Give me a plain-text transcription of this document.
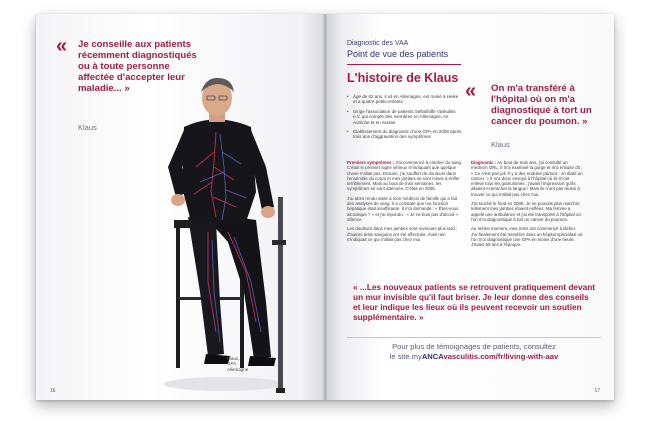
« Je conseille aux patients récemment diagnostiqués ou à toute personne affectée d'accepter leur maladie... »
Klaus
Klaus,
GPA,
Allemagne
16
Diagnostic des VAA
Point de vue des patients
L'histoire de Klaus
• Âgé de 62 ans, il vit en Allemagne, est marié à Heike et a quatre petits-enfants
• Dirige l'association de patients Selbsthilfe Vaskulitis e.V. qui compte des membres en Allemagne, en Autriche et en Suisse
• Établissement du diagnostic d'une GPA en 2008 après trois ans d'aggravation des symptômes

Premiers symptômes : J'ai commencé à cracher du sang. C'était le premier signe sérieux m'indiquant que quelque chose n'allait pas. Ensuite, j'ai souffert de douleurs dans l'ensemble du corps et mes jambes se sont mises à enfler terriblement. Mais au bout de trois semaines, les symptômes se sont atténués. C'était en 2005.

J'ai alors rendu visite à mon médecin de famille qui a fait des analyses de sang. Il a constaté que ma fonction hépatique était insuffisante. Il m'a demandé : « Êtes-vous alcoolique ? » et j'ai répondu : « Je ne bois pas d'alcool » Silence.

Les douleurs dans mes jambes sont revenues plus tard ; d'autres tests sanguins ont été effectués, mais rien n'indiquait ce qui n'allait pas chez moi.

« On m'a transféré à l'hôpital où on m'a diagnostiqué à tort un cancer du poumon. »
Klaus

Diagnostic : Au bout de trois ans, j'ai consulté un médecin ORL. Il m'a examiné la gorge et m'a ensuite dit : « Ce n'est pas joli. Il y a des nodules partout - on dirait un cancer. » Il m'a donc envoyé à l'hôpital où ils m'ont enlevé tous les granulomes ; j'avais l'impression qu'ils allaient m'arracher la langue ! Mais ils n'ont pas réussi à trouver ce qui n'allait pas chez moi.

J'ai touché le fond en 2008. Je ne pouvais plus marcher, tellement mes jambes étaient enflées. Ma femme a appelé une ambulance et j'ai été transporté à l'hôpital où l'on m'a diagnostiqué à tort un cancer du poumon.

Au même moment, mes reins ont commencé à lâcher. J'ai finalement été transféré dans un hôpital spécialisé où l'on m'a diagnostiqué une GPA en moins d'une heure. J'avais 50 ans à l'époque.

« ...Les nouveaux patients se retrouvent pratiquement devant un mur invisible qu'il faut briser. Je leur donne des conseils et leur indique les lieux où ils peuvent recevoir un soutien supplémentaire. »
Pour plus de témoignages de patients, consultez
le site myANCAvasculitis.com/fr/living-with-aav
17
